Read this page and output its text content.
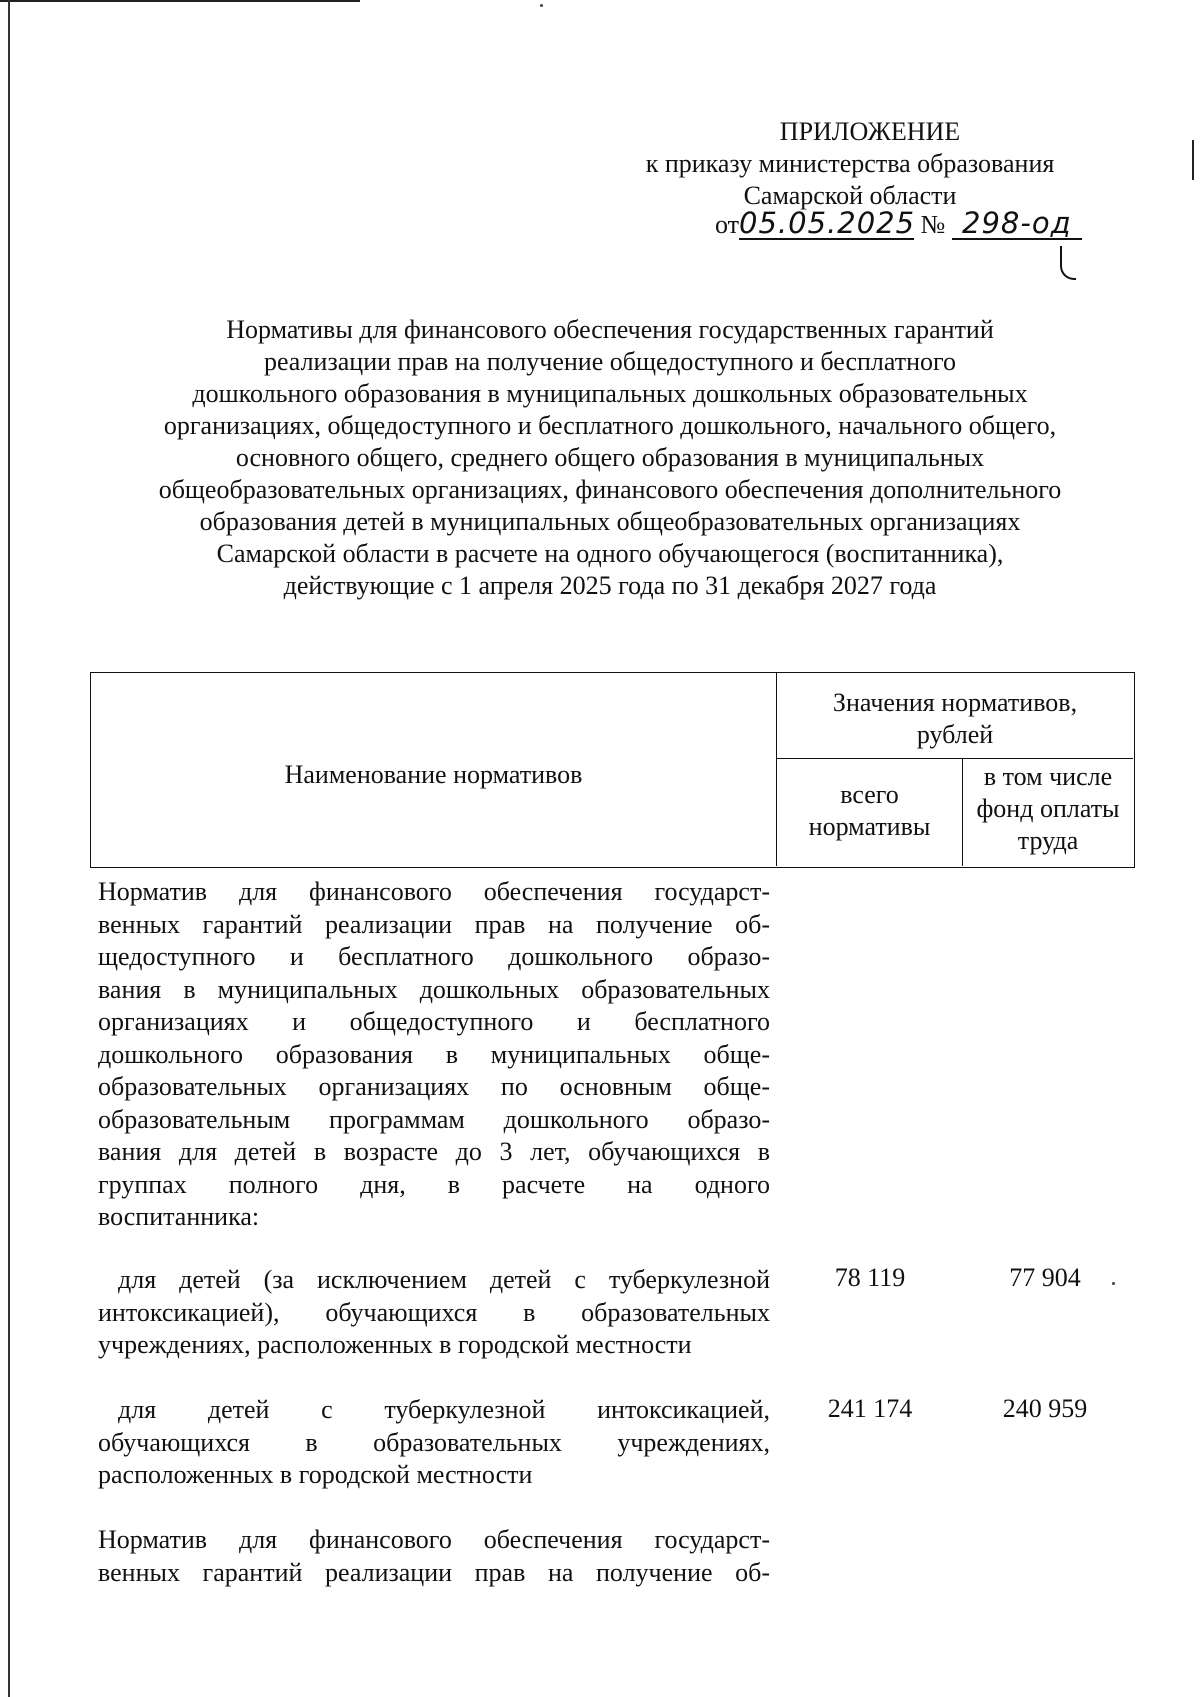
ПРИЛОЖЕНИЕ
к приказу министерства образования
Самарской области
от05.05.2025 № 298-од
Нормативы для финансового обеспечения государственных гарантий
реализации прав на получение общедоступного и бесплатного
дошкольного образования в муниципальных дошкольных образовательных
организациях, общедоступного и бесплатного дошкольного, начального общего,
основного общего, среднего общего образования в муниципальных
общеобразовательных организациях, финансового обеспечения дополнительного
образования детей в муниципальных общеобразовательных организациях
Самарской области в расчете на одного обучающегося (воспитанника),
действующие с 1 апреля 2025 года по 31 декабря 2027 года
Наименование нормативов
Значения нормативов,
рублей
всего
нормативы
в том числе
фонд оплаты
труда
Норматив для финансового обеспечения государст-
венных гарантий реализации прав на получение об-
щедоступного и бесплатного дошкольного образо-
вания в муниципальных дошкольных образовательных
организациях и общедоступного и бесплатного
дошкольного образования в муниципальных обще-
образовательных организациях по основным обще-
образовательным программам дошкольного образо-
вания для детей в возрасте до 3 лет, обучающихся в
группах полного дня, в расчете на одного
воспитанника:
для детей (за исключением детей с туберкулезной
интоксикацией), обучающихся в образовательных
учреждениях, расположенных в городской местности
78 119	77 904
для детей с туберкулезной интоксикацией,
обучающихся в образовательных учреждениях,
расположенных в городской местности
241 174	240 959
Норматив для финансового обеспечения государст-
венных гарантий реализации прав на получение об-
